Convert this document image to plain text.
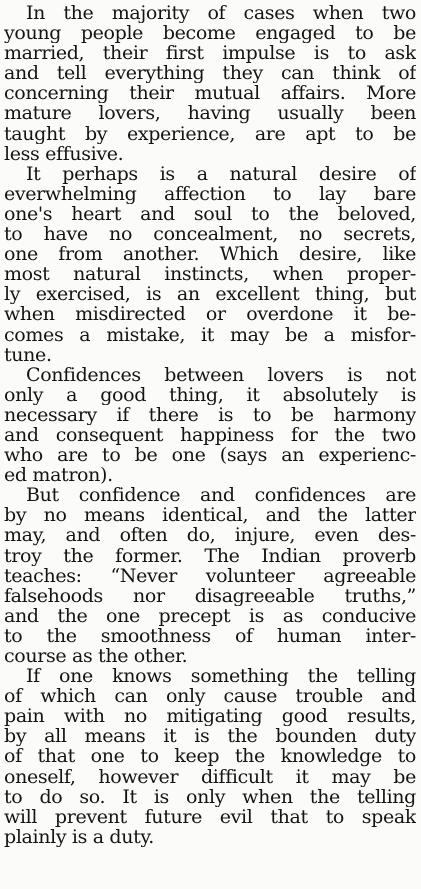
In the majority of cases when two
young people become engaged to be
married, their first impulse is to ask
and tell everything they can think of
concerning their mutual affairs. More
mature lovers, having usually been
taught by experience, are apt to be
less effusive.
It perhaps is a natural desire of
everwhelming affection to lay bare
one's heart and soul to the beloved,
to have no concealment, no secrets,
one from another. Which desire, like
most natural instincts, when proper-
ly exercised, is an excellent thing, but
when misdirected or overdone it be-
comes a mistake, it may be a misfor-
tune.
Confidences between lovers is not
only a good thing, it absolutely is
necessary if there is to be harmony
and consequent happiness for the two
who are to be one (says an experienc-
ed matron).
But confidence and confidences are
by no means identical, and the latter
may, and often do, injure, even des-
troy the former. The Indian proverb
teaches: “Never volunteer agreeable
falsehoods nor disagreeable truths,”
and the one precept is as conducive
to the smoothness of human inter-
course as the other.
If one knows something the telling
of which can only cause trouble and
pain with no mitigating good results,
by all means it is the bounden duty
of that one to keep the knowledge to
oneself, however difficult it may be
to do so. It is only when the telling
will prevent future evil that to speak
plainly is a duty.
